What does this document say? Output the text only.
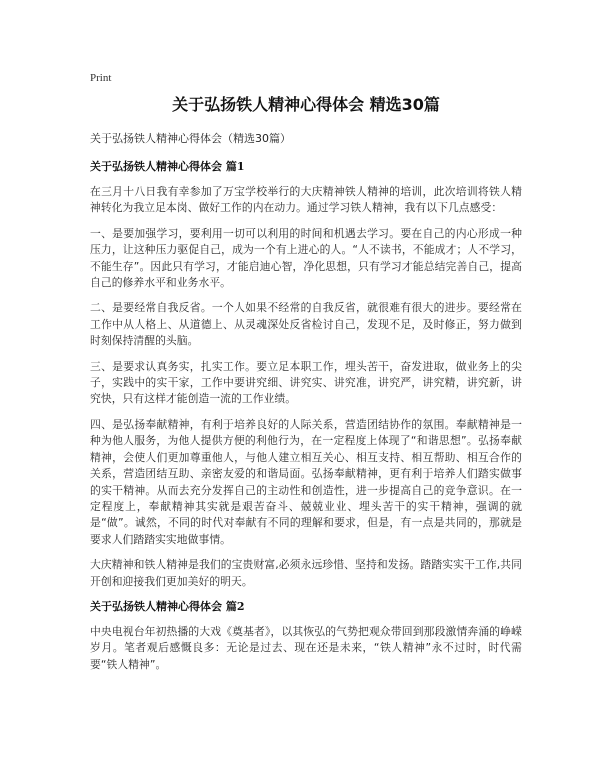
Print
关于弘扬铁人精神心得体会 精选30篇
关于弘扬铁人精神心得体会（精选30篇）
关于弘扬铁人精神心得体会 篇1

在三月十八日我有幸参加了万宝学校举行的大庆精神铁人精神的培训，此次培训将铁人精神转化为我立足本岗、做好工作的内在动力。通过学习铁人精神，我有以下几点感受：

一、是要加强学习，要利用一切可以利用的时间和机遇去学习。要在自己的内心形成一种压力，让这种压力驱促自己，成为一个有上进心的人。“人不读书，不能成才；人不学习，不能生存”。因此只有学习，才能启迪心智，净化思想，只有学习才能总结完善自己，提高自己的修养水平和业务水平。

二、是要经常自我反省。一个人如果不经常的自我反省，就很难有很大的进步。要经常在工作中从人格上、从道德上、从灵魂深处反省检讨自己，发现不足，及时修正，努力做到时刻保持清醒的头脑。

三、是要求认真务实，扎实工作。要立足本职工作，埋头苦干，奋发进取，做业务上的尖子，实践中的实干家，工作中要讲究细、讲究实、讲究准，讲究严，讲究精，讲究新，讲究快，只有这样才能创造一流的工作业绩。

四、是弘扬奉献精神，有利于培养良好的人际关系，营造团结协作的氛围。奉献精神是一种为他人服务，为他人提供方便的利他行为，在一定程度上体现了“和谐思想”。弘扬奉献精神，会使人们更加尊重他人，与他人建立相互关心、相互支持、相互帮助、相互合作的关系，营造团结互助、亲密友爱的和谐局面。弘扬奉献精神，更有利于培养人们踏实做事的实干精神。从而去充分发挥自己的主动性和创造性，进一步提高自己的竞争意识。在一定程度上，奉献精神其实就是艰苦奋斗、兢兢业业、埋头苦干的实干精神，强调的就是“做”。诚然，不同的时代对奉献有不同的理解和要求，但是，有一点是共同的，那就是要求人们踏踏实实地做事情。

大庆精神和铁人精神是我们的宝贵财富,必须永远珍惜、坚持和发扬。踏踏实实干工作,共同开创和迎接我们更加美好的明天。

关于弘扬铁人精神心得体会 篇2

中央电视台年初热播的大戏《奠基者》，以其恢弘的气势把观众带回到那段激情奔涌的峥嵘岁月。笔者观后感慨良多：无论是过去、现在还是未来，“铁人精神”永不过时，时代需要“铁人精神”。
